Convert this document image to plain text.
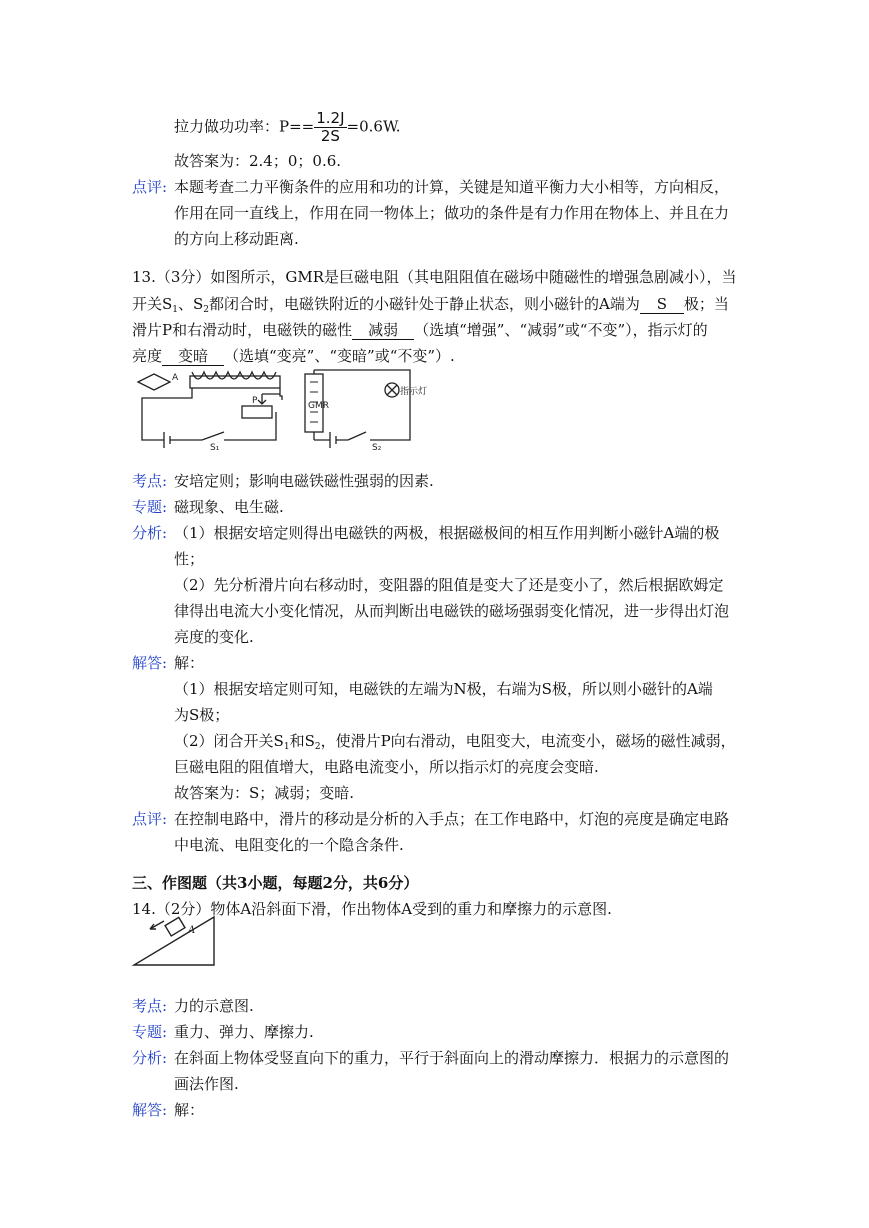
拉力做功功率：$P== \frac{1.2J}{2S} =0.6W$.
故答案为：2.4；0；0.6.
点评: 本题考查二力平衡条件的应用和功的计算，关键是知道平衡力大小相等，方向相反，
作用在同一直线上，作用在同一物体上；做功的条件是有力作用在物体上、并且在力
的方向上移动距离.
13.（3分）如图所示，GMR是巨磁电阻（其电阻阻值在磁场中随磁性的增强急剧减小），当
开关$S_1$、$S_2$都闭合时，电磁铁附近的小磁针处于静止状态，则小磁针的A端为 S 极；当
滑片P和右滑动时，电磁铁的磁性 减弱 （选填“增强”、“减弱”或“不变”），指示灯的
亮度 变暗 （选填“变亮”、“变暗”或“不变”）.
A
P
S₁
GMR
S₂
指示灯
考点: 安培定则；影响电磁铁磁性强弱的因素.
专题: 磁现象、电生磁.
分析: （1）根据安培定则得出电磁铁的两极，根据磁极间的相互作用判断小磁针A端的极
性；
（2）先分析滑片向右移动时，变阻器的阻值是变大了还是变小了，然后根据欧姆定
律得出电流大小变化情况，从而判断出电磁铁的磁场强弱变化情况，进一步得出灯泡
亮度的变化.
解答: 解：
（1）根据安培定则可知，电磁铁的左端为N极，右端为S极，所以则小磁针的A端
为S极；
（2）闭合开关$S_1$和$S_2$，使滑片P向右滑动，电阻变大，电流变小，磁场的磁性减弱，
巨磁电阻的阻值增大，电路电流变小，所以指示灯的亮度会变暗.
故答案为：S；减弱；变暗.
点评: 在控制电路中，滑片的移动是分析的入手点；在工作电路中，灯泡的亮度是确定电路
中电流、电阻变化的一个隐含条件.
三、作图题（共3小题，每题2分，共6分）
14.（2分）物体A沿斜面下滑，作出物体A受到的重力和摩擦力的示意图.
A
考点: 力的示意图.
专题: 重力、弹力、摩擦力.
分析: 在斜面上物体受竖直向下的重力，平行于斜面向上的滑动摩擦力．根据力的示意图的
画法作图.
解答: 解：
